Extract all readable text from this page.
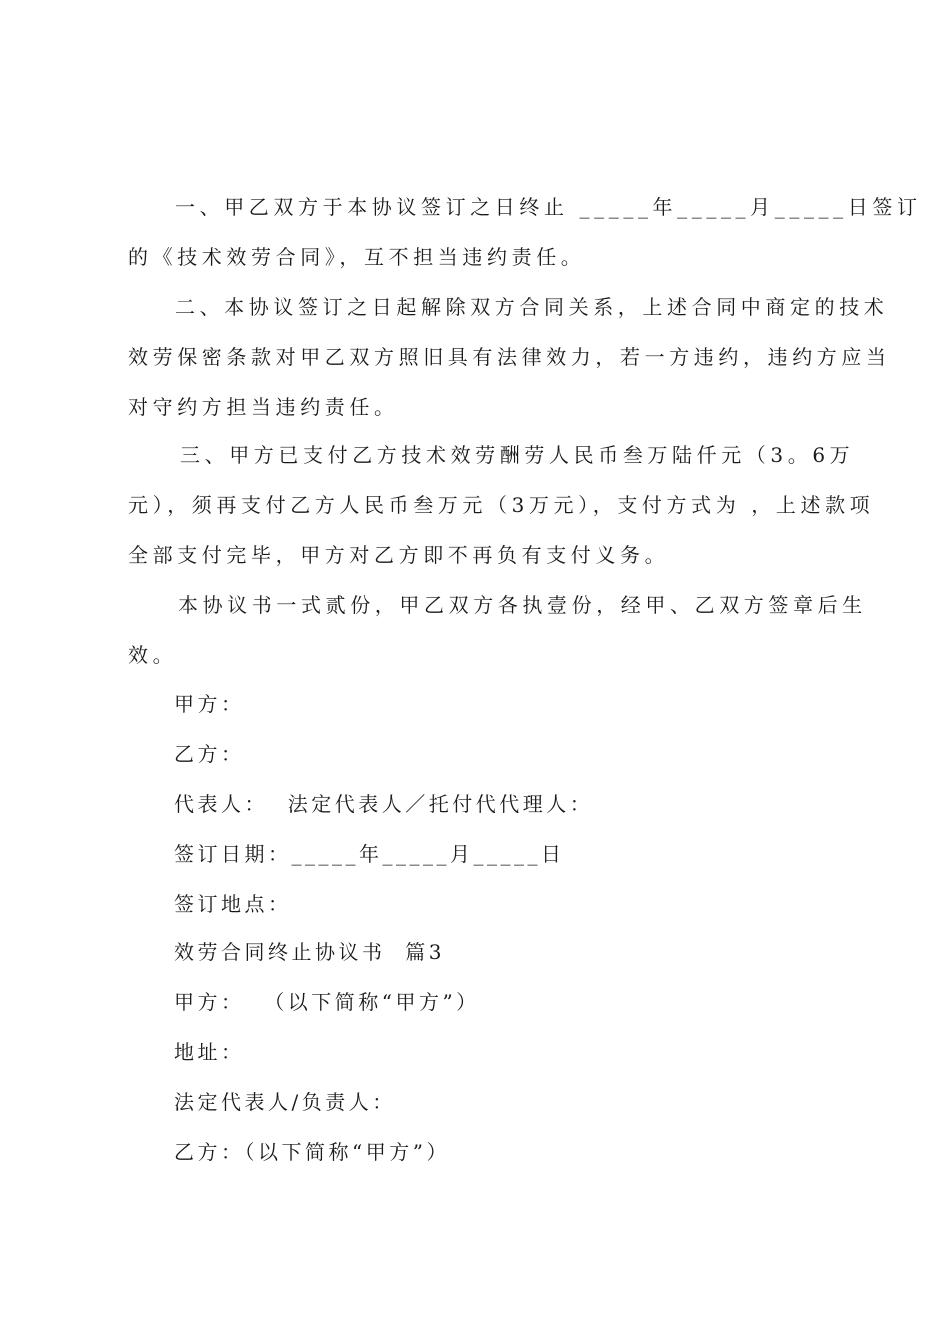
一、甲乙双方于本协议签订之日终止 _____年_____月_____日签订
的《技术效劳合同》，互不担当违约责任。
二、本协议签订之日起解除双方合同关系，上述合同中商定的技术
效劳保密条款对甲乙双方照旧具有法律效力，若一方违约，违约方应当
对守约方担当违约责任。
三、甲方已支付乙方技术效劳酬劳人民币叁万陆仟元（3。6万
元），须再支付乙方人民币叁万元（3万元），支付方式为 ，上述款项
全部支付完毕，甲方对乙方即不再负有支付义务。
本协议书一式贰份，甲乙双方各执壹份，经甲、乙双方签章后生
效。
甲方：
乙方：
代表人：  法定代表人／托付代代理人：
签订日期：_____年_____月_____日
签订地点：
效劳合同终止协议书  篇3
甲方：  （以下简称“甲方”）
地址：
法定代表人/负责人：
乙方：（以下简称“甲方”）
